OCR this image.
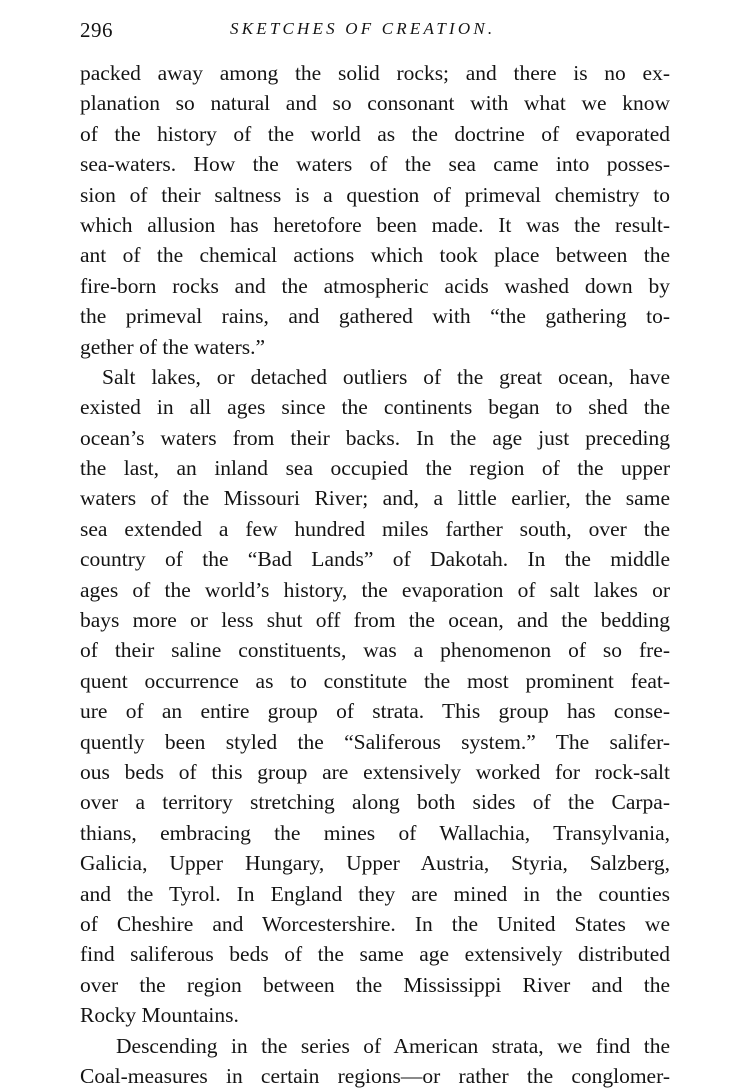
296	SKETCHES OF CREATION.
packed away among the solid rocks; and there is no ex-
planation so natural and so consonant with what we know
of the history of the world as the doctrine of evaporated
sea-waters. How the waters of the sea came into posses-
sion of their saltness is a question of primeval chemistry to
which allusion has heretofore been made. It was the result-
ant of the chemical actions which took place between the
fire-born rocks and the atmospheric acids washed down by
the primeval rains, and gathered with “the gathering to-
gether of the waters.”
Salt lakes, or detached outliers of the great ocean, have
existed in all ages since the continents began to shed the
ocean’s waters from their backs. In the age just preceding
the last, an inland sea occupied the region of the upper
waters of the Missouri River; and, a little earlier, the same
sea extended a few hundred miles farther south, over the
country of the “Bad Lands” of Dakotah. In the middle
ages of the world’s history, the evaporation of salt lakes or
bays more or less shut off from the ocean, and the bedding
of their saline constituents, was a phenomenon of so fre-
quent occurrence as to constitute the most prominent feat-
ure of an entire group of strata. This group has conse-
quently been styled the “Saliferous system.” The salifer-
ous beds of this group are extensively worked for rock-salt
over a territory stretching along both sides of the Carpa-
thians, embracing the mines of Wallachia, Transylvania,
Galicia, Upper Hungary, Upper Austria, Styria, Salzberg,
and the Tyrol. In England they are mined in the counties
of Cheshire and Worcestershire. In the United States we
find saliferous beds of the same age extensively distributed
over the region between the Mississippi River and the
Rocky Mountains.
Descending in the series of American strata, we find the
Coal-measures in certain regions—or rather the conglomer-
